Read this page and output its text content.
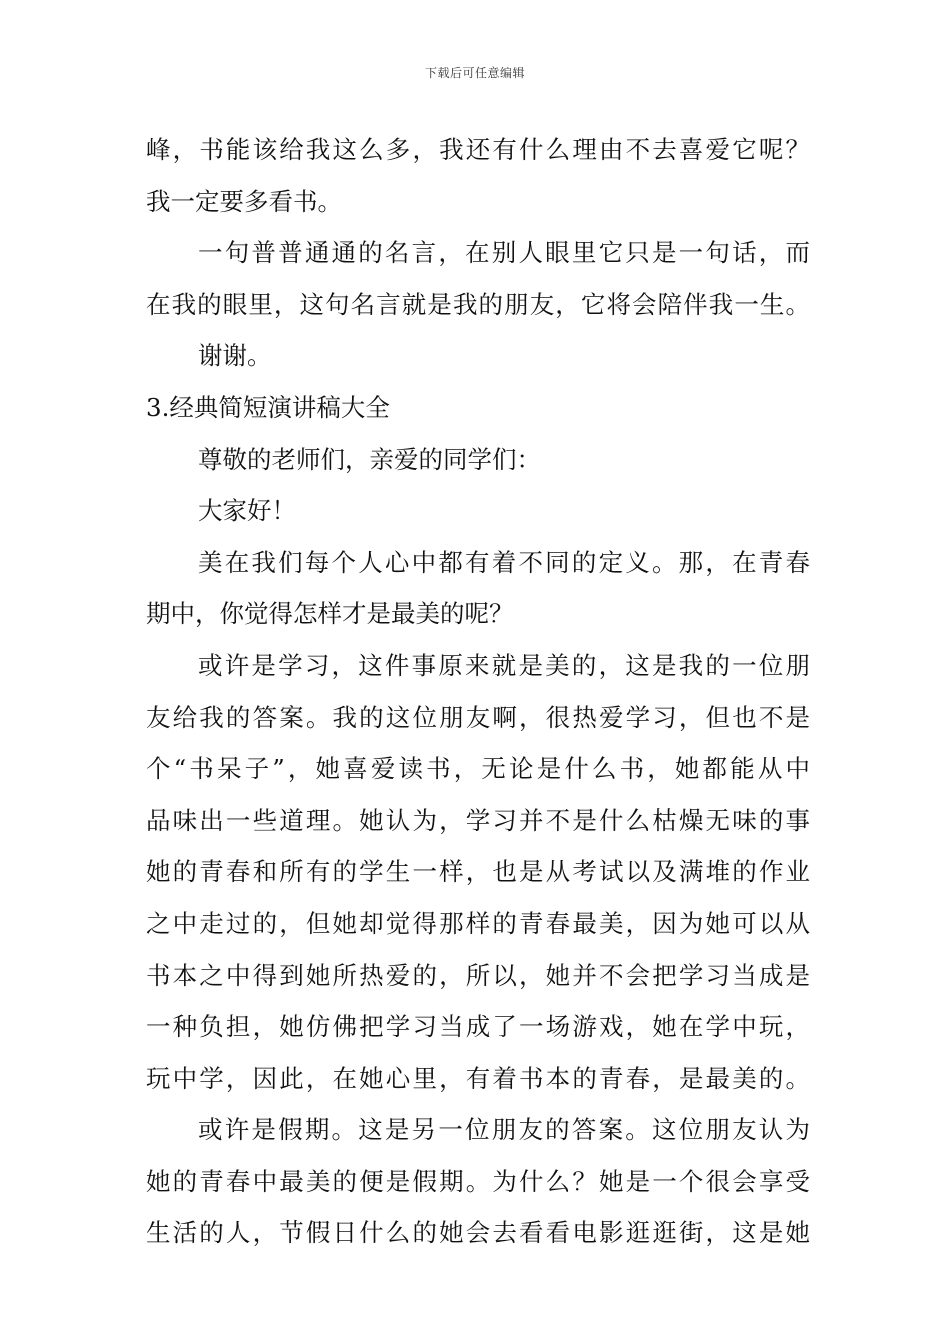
下载后可任意编辑
峰，书能该给我这么多，我还有什么理由不去喜爱它呢？
我一定要多看书。
一句普普通通的名言，在别人眼里它只是一句话，而
在我的眼里，这句名言就是我的朋友，它将会陪伴我一生。
谢谢。
3.经典简短演讲稿大全
尊敬的老师们，亲爱的同学们：
大家好！
美在我们每个人心中都有着不同的定义。那，在青春
期中，你觉得怎样才是最美的呢？
或许是学习，这件事原来就是美的，这是我的一位朋
友给我的答案。我的这位朋友啊，很热爱学习，但也不是
个“书呆子”，她喜爱读书，无论是什么书，她都能从中
品味出一些道理。她认为，学习并不是什么枯燥无味的事
她的青春和所有的学生一样，也是从考试以及满堆的作业
之中走过的，但她却觉得那样的青春最美，因为她可以从
书本之中得到她所热爱的，所以，她并不会把学习当成是
一种负担，她仿佛把学习当成了一场游戏，她在学中玩，
玩中学，因此，在她心里，有着书本的青春，是最美的。
或许是假期。这是另一位朋友的答案。这位朋友认为
她的青春中最美的便是假期。为什么？她是一个很会享受
生活的人，节假日什么的她会去看看电影逛逛街，这是她
